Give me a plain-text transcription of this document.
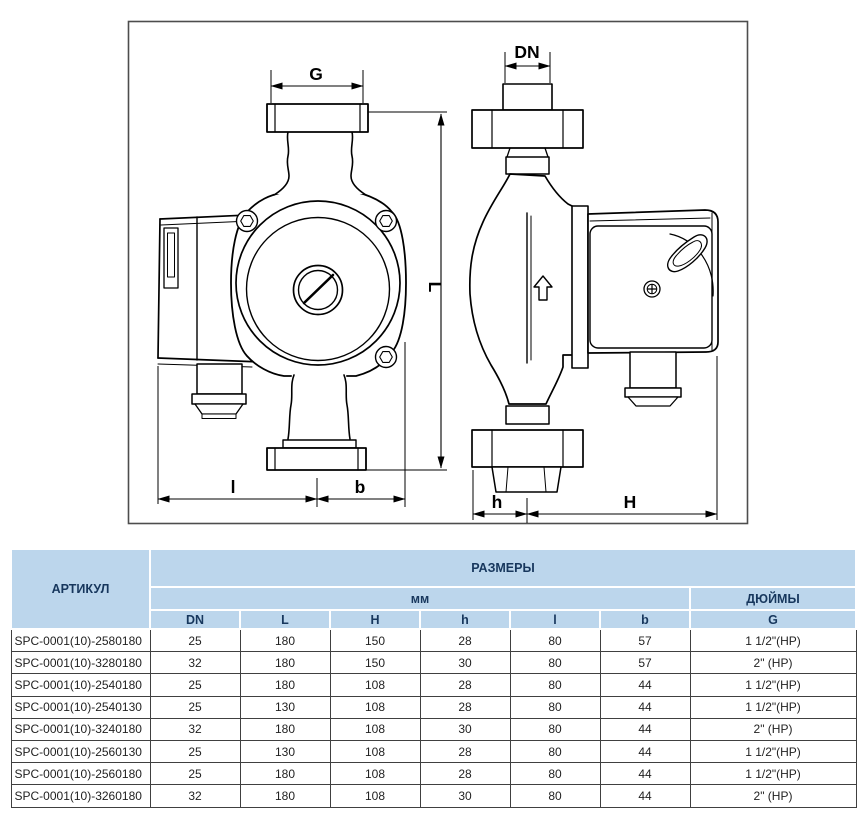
G
DN
L
l	b
h	H
АРТИКУЛ	РАЗМЕРЫ						
	мм						ДЮЙМЫ
	DN	L	H	h	l	b	G
SPC-0001(10)-2580180	25	180	150	28	80	57	1 1/2"(HP)
SPC-0001(10)-3280180	32	180	150	30	80	57	2" (HP)
SPC-0001(10)-2540180	25	180	108	28	80	44	1 1/2"(HP)
SPC-0001(10)-2540130	25	130	108	28	80	44	1 1/2"(HP)
SPC-0001(10)-3240180	32	180	108	30	80	44	2" (HP)
SPC-0001(10)-2560130	25	130	108	28	80	44	1 1/2"(HP)
SPC-0001(10)-2560180	25	180	108	28	80	44	1 1/2"(HP)
SPC-0001(10)-3260180	32	180	108	30	80	44	2" (HP)
